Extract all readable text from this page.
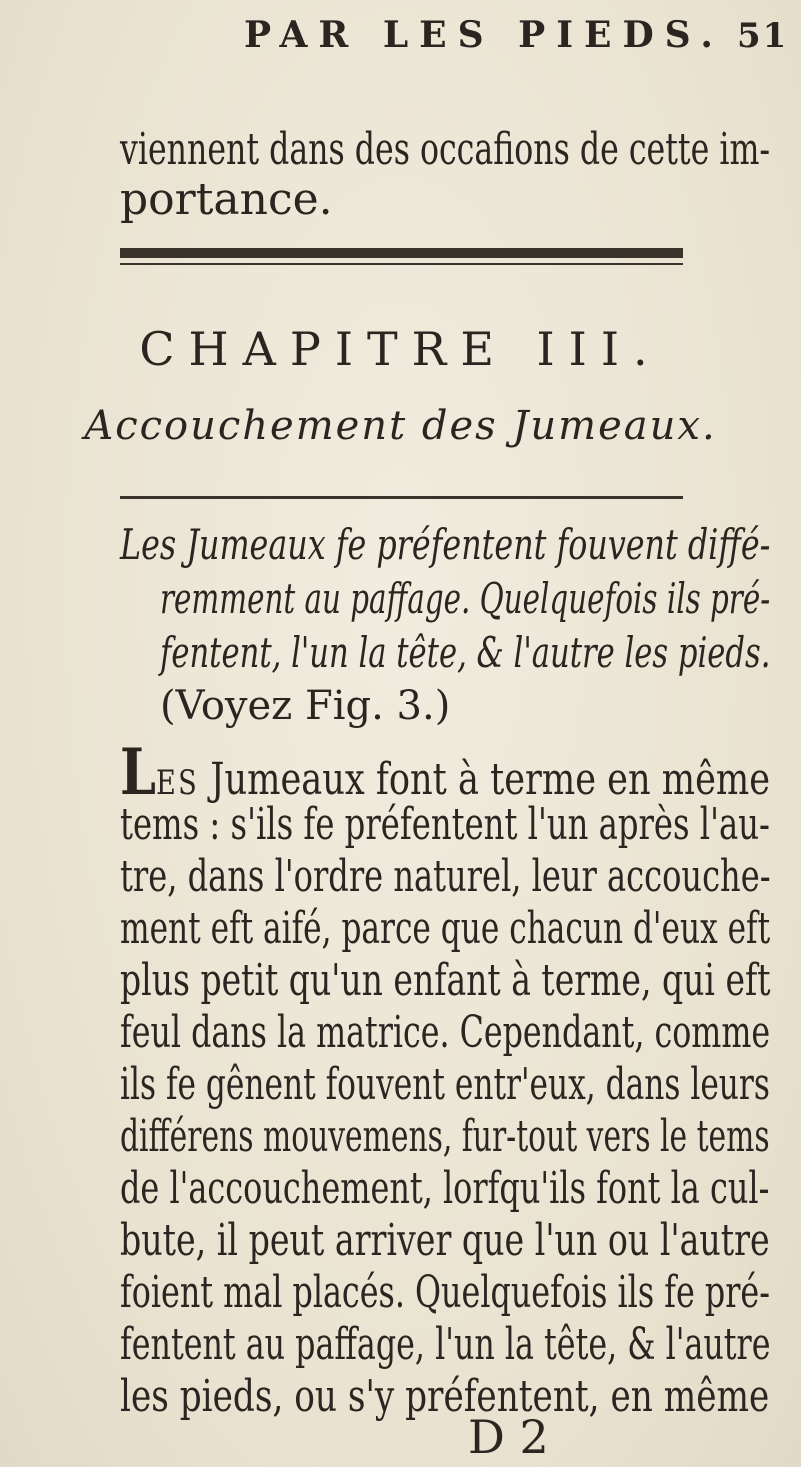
PAR LES PIEDS. 51
viennent dans des occafions de cette im-
portance.
CHAPITRE III.
Accouchement des Jumeaux.
Les Jumeaux fe préfentent fouvent diffé-
remment au paffage. Quelquefois ils pré-
fentent, l'un la tête, & l'autre les pieds.
(Voyez Fig. 3.)
LES Jumeaux font à terme en même
tems : s'ils fe préfentent l'un après l'au-
tre, dans l'ordre naturel, leur accouche-
ment eft aifé, parce que chacun d'eux eft
plus petit qu'un enfant à terme, qui eft
feul dans la matrice. Cependant, comme
ils fe gênent fouvent entr'eux, dans leurs
différens mouvemens, fur-tout vers le tems
de l'accouchement, lorfqu'ils font la cul-
bute, il peut arriver que l'un ou l'autre
foient mal placés. Quelquefois ils fe pré-
fentent au paffage, l'un la tête, & l'autre
les pieds, ou s'y préfentent, en même
D 2
